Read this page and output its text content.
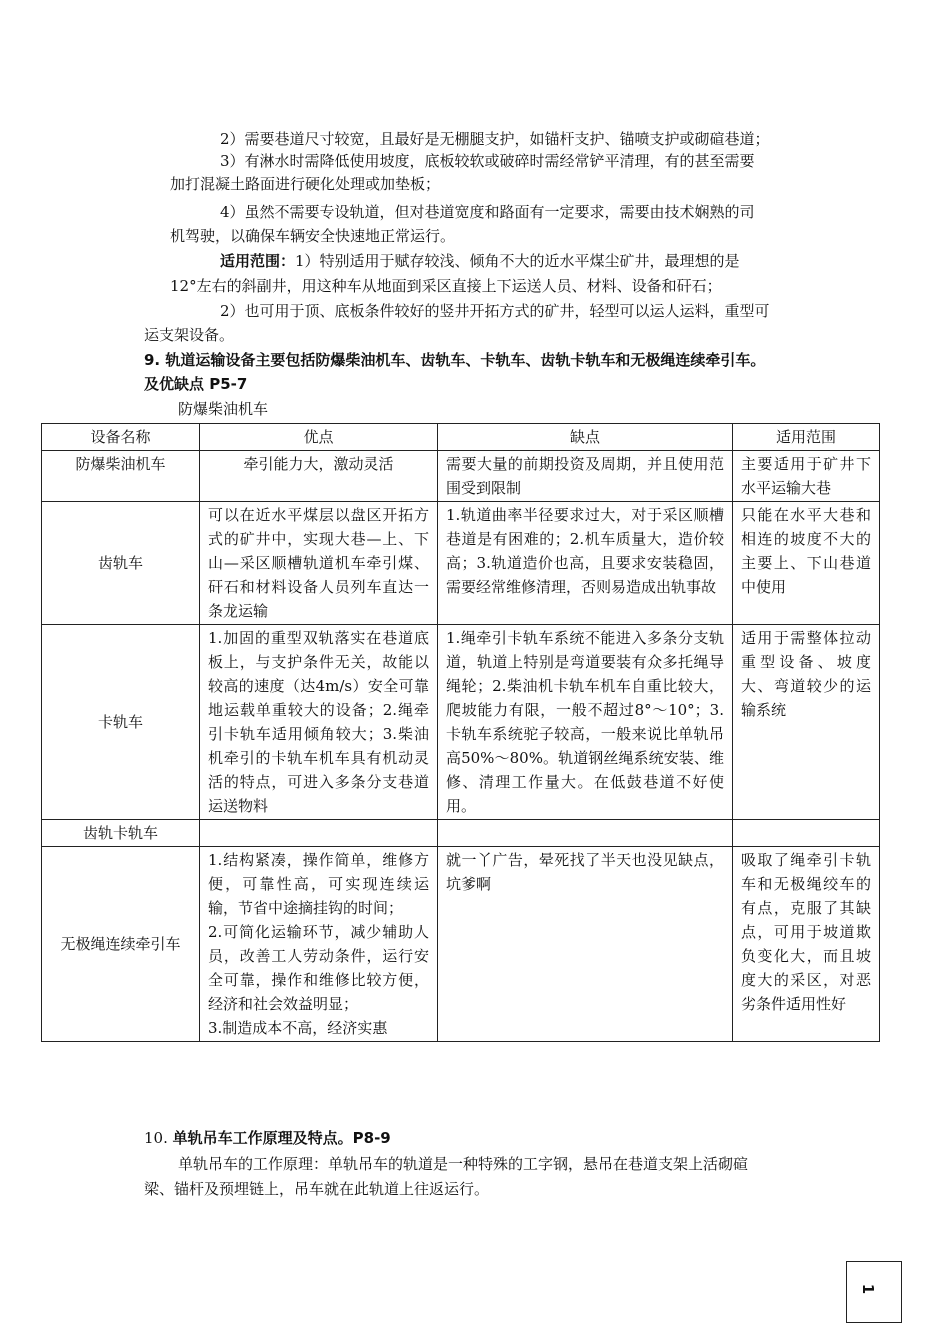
2）需要巷道尺寸较宽，且最好是无棚腿支护，如锚杆支护、锚喷支护或砌碹巷道；
3）有淋水时需降低使用坡度，底板较软或破碎时需经常铲平清理，有的甚至需要
加打混凝土路面进行硬化处理或加垫板；
4）虽然不需要专设轨道，但对巷道宽度和路面有一定要求，需要由技术娴熟的司
机驾驶，以确保车辆安全快速地正常运行。
适用范围：1）特别适用于赋存较浅、倾角不大的近水平煤尘矿井，最理想的是
12°左右的斜副井，用这种车从地面到采区直接上下运送人员、材料、设备和矸石；
2）也可用于顶、底板条件较好的竖井开拓方式的矿井，轻型可以运人运料，重型可
运支架设备。
9. 轨道运输设备主要包括防爆柴油机车、齿轨车、卡轨车、齿轨卡轨车和无极绳连续牵引车。
及优缺点 P5-7
防爆柴油机车
设备名称	优点	缺点	适用范围
防爆柴油机车	牵引能力大，激动灵活	需要大量的前期投资及周期，并且使用范围受到限制	主要适用于矿井下水平运输大巷
齿轨车	可以在近水平煤层以盘区开拓方式的矿井中，实现大巷—上、下山—采区顺槽轨道机车牵引煤、矸石和材料设备人员列车直达一条龙运输	1.轨道曲率半径要求过大，对于采区顺槽巷道是有困难的；2.机车质量大，造价较高；3.轨道造价也高，且要求安装稳固，需要经常维修清理，否则易造成出轨事故	只能在水平大巷和相连的坡度不大的主要上、下山巷道中使用
卡轨车	1.加固的重型双轨落实在巷道底板上，与支护条件无关，故能以较高的速度（达4m/s）安全可靠地运载单重较大的设备；2.绳牵引卡轨车适用倾角较大；3.柴油机牵引的卡轨车机车具有机动灵活的特点，可进入多条分支巷道运送物料	1.绳牵引卡轨车系统不能进入多条分支轨道，轨道上特别是弯道要装有众多托绳导绳轮；2.柴油机卡轨车机车自重比较大，爬坡能力有限，一般不超过8°～10°；3.卡轨车系统驼子较高，一般来说比单轨吊高50%～80%。轨道钢丝绳系统安装、维修、清理工作量大。在低鼓巷道不好使用。	适用于需整体拉动重型设备、坡度大、弯道较少的运输系统
齿轨卡轨车			
无极绳连续牵引车	1.结构紧凑，操作简单，维修方便，可靠性高，可实现连续运输，节省中途摘挂钩的时间；
2.可简化运输环节，减少辅助人员，改善工人劳动条件，运行安全可靠，操作和维修比较方便，经济和社会效益明显；
3.制造成本不高，经济实惠	就一丫广告，晕死找了半天也没见缺点，坑爹啊	吸取了绳牵引卡轨车和无极绳绞车的有点，克服了其缺点，可用于坡道欺负变化大，而且坡度大的采区，对恶劣条件适用性好
10. 单轨吊车工作原理及特点。P8-9
单轨吊车的工作原理：单轨吊车的轨道是一种特殊的工字钢，悬吊在巷道支架上活砌碹
梁、锚杆及预埋链上，吊车就在此轨道上往返运行。
1
